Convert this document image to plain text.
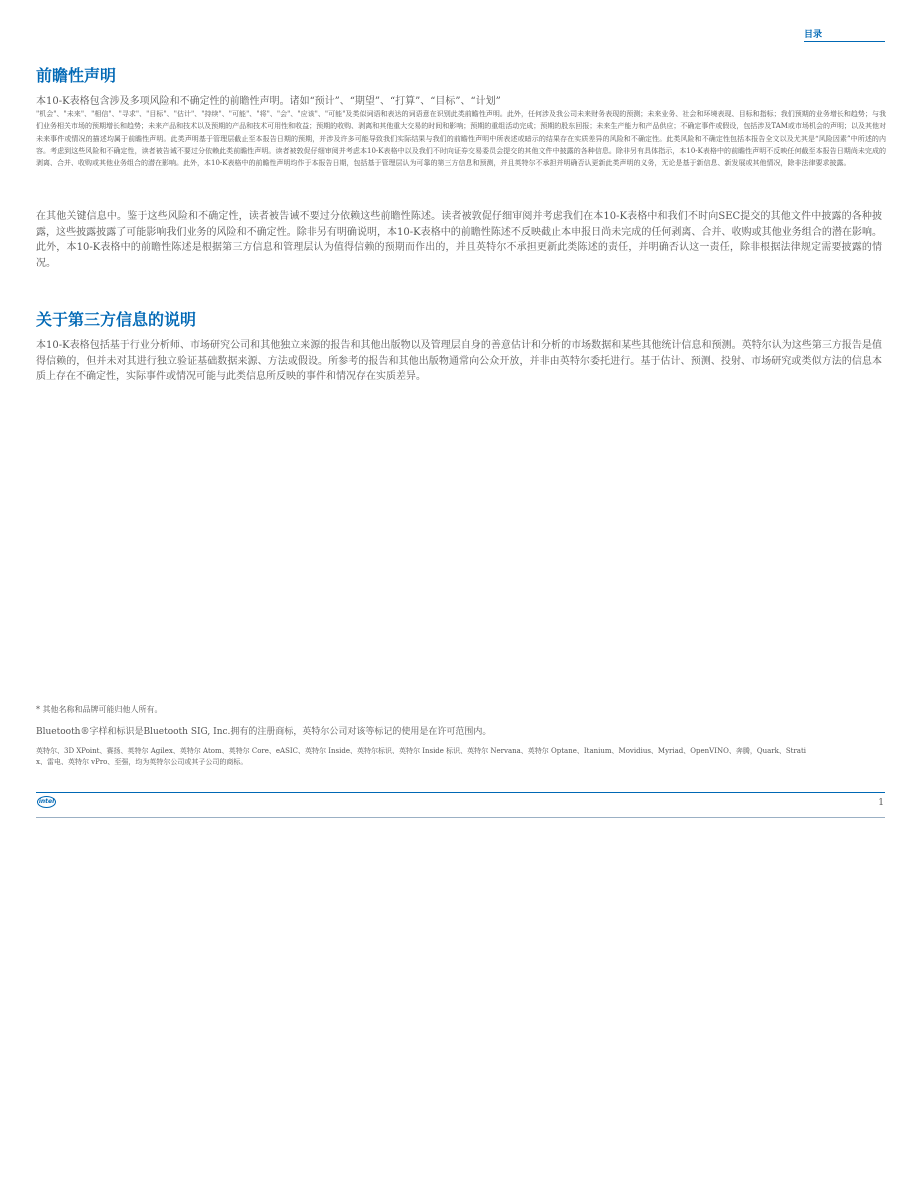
目录
前瞻性声明

本10-K表格包含涉及多项风险和不确定性的前瞻性声明。诸如“预计”、“期望”、“打算”、“目标”、“计划”

"机会"、"未来"、"相信"、"寻求"、"目标"、"估计"、"持续"、"可能"、"将"、"会"、"应该"、"可能"及类似词语和表达的词语意在识别此类前瞻性声明。此外，任何涉及我公司未来财务表现的预测；未来业务、社会和环境表现、目标和指标；我们预期的业务增长和趋势；与我们业务相关市场的预期增长和趋势；未来产品和技术以及预期的产品和技术可用性和收益；预期的收购、剥离和其他重大交易的时间和影响；预期的重组活动完成；预期的股东回报；未来生产能力和产品供应；不确定事件或假设，包括涉及TAM或市场机会的声明；以及其他对未来事件或情况的描述均属于前瞻性声明。此类声明基于管理层截止至本报告日期的预期，并涉及许多可能导致我们实际结果与我们的前瞻性声明中所表述或暗示的结果存在实质差异的风险和不确定性。此类风险和不确定性包括本报告全文以及尤其是“风险因素”中所述的内容。考虑到这些风险和不确定性，读者被告诫不要过分依赖此类前瞻性声明。读者被敦促仔细审阅并考虑本10-K表格中以及我们不时向证券交易委员会提交的其他文件中披露的各种信息。除非另有具体指示，本10-K表格中的前瞻性声明不反映任何截至本报告日期尚未完成的剥离、合并、收购或其他业务组合的潜在影响。此外，本10-K表格中的前瞻性声明均作于本报告日期，包括基于管理层认为可靠的第三方信息和预测，并且英特尔不承担并明确否认更新此类声明的义务，无论是基于新信息、新发展或其他情况，除非法律要求披露。

在其他关键信息中。鉴于这些风险和不确定性，读者被告诫不要过分依赖这些前瞻性陈述。读者被敦促仔细审阅并考虑我们在本10-K表格中和我们不时向SEC提交的其他文件中披露的各种披露，这些披露披露了可能影响我们业务的风险和不确定性。除非另有明确说明，本10-K表格中的前瞻性陈述不反映截止本申报日尚未完成的任何剥离、合并、收购或其他业务组合的潜在影响。此外，本10-K表格中的前瞻性陈述是根据第三方信息和管理层认为值得信赖的预期而作出的，并且英特尔不承担更新此类陈述的责任，并明确否认这一责任，除非根据法律规定需要披露的情况。

关于第三方信息的说明

本10-K表格包括基于行业分析师、市场研究公司和其他独立来源的报告和其他出版物以及管理层自身的善意估计和分析的市场数据和某些其他统计信息和预测。英特尔认为这些第三方报告是值得信赖的，但并未对其进行独立验证基础数据来源、方法或假设。所参考的报告和其他出版物通常向公众开放，并非由英特尔委托进行。基于估计、预测、投射、市场研究或类似方法的信息本质上存在不确定性，实际事件或情况可能与此类信息所反映的事件和情况存在实质差异。

* 其他名称和品牌可能归他人所有。

Bluetooth®字样和标识是Bluetooth SIG, Inc.拥有的注册商标，英特尔公司对该等标记的使用是在许可范围内。

英特尔、3D XPoint、赛扬、英特尔 Agilex、英特尔 Atom、英特尔 Core、eASIC、英特尔 Inside、英特尔标识、英特尔 Inside 标识、英特尔 Nervana、英特尔 Optane、Itanium、Movidius、Myriad、OpenVINO、奔腾，Quark、Stratix、雷电、英特尔 vPro、至强，均为英特尔公司或其子公司的商标。

intel	1
